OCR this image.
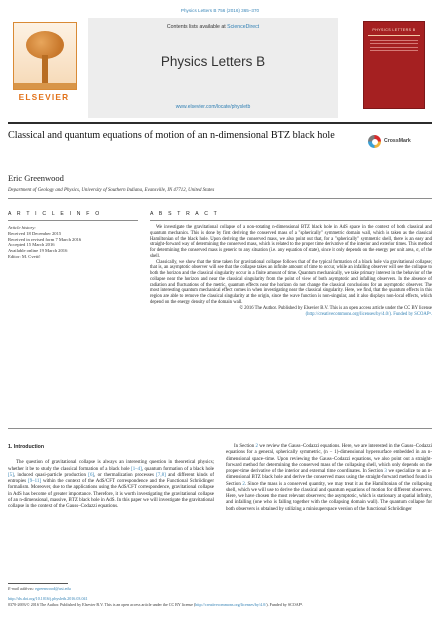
Physics Letters B 756 (2016) 365–370
ELSEVIER
Contents lists available at ScienceDirect
Physics Letters B
www.elsevier.com/locate/physletb
PHYSICS LETTERS B
Classical and quantum equations of motion of an n-dimensional BTZ black hole	CrossMark
Eric Greenwood
Department of Geology and Physics, University of Southern Indiana, Evansville, IN 47712, United States
A R T I C L E I N F O	A B S T R A C T
Article history:
Received 18 December 2015
Received in revised form 7 March 2016
Accepted 15 March 2016
Available online 19 March 2016
Editor: M. Cvetič

We investigate the gravitational collapse of a non-rotating n-dimensional BTZ black hole in AdS space in the context of both classical and quantum mechanics. This is done by first deriving the conserved mass of a "spherically" symmetric domain wall, which is taken as the classical Hamiltonian of the black hole. Upon deriving the conserved mass, we also point out that, for a "spherically" symmetric shell, there is an easy and straight-forward way of determining the conserved mass, which is related to the proper time derivative of the interior and exterior times. This method for determining the conserved mass is generic to any situation (i.e. any equation of state), since it only depends on the energy per unit area, σ, of the shell.

Classically, we show that the time taken for gravitational collapse follows that of the typical formation of a black hole via gravitational collapse; that is, an asymptotic observer will see that the collapse takes an infinite amount of time to occur, while an infalling observer will see the collapse to both the horizon and the classical singularity occur in a finite amount of time. Quantum mechanically, we take primary interest in the behavior of the collapse near the horizon and near the classical singularity from the point of view of both asymptotic and infalling observers. In the absence of radiation and fluctuations of the metric, quantum effects near the horizon do not change the classical conclusions for an asymptotic observer. The most interesting quantum mechanical effect comes in when investigating near the classical singularity. Here, we find, that the quantum effects in this region are able to remove the classical singularity at the origin, since the wave function is non-singular, and it also displays non-local effects, which depend on the energy density of the domain wall.

© 2016 The Author. Published by Elsevier B.V. This is an open access article under the CC BY license
(http://creativecommons.org/licenses/by/4.0/). Funded by SCOAP³.

1. Introduction

The question of gravitational collapse is always an interesting question in theoretical physics; whether it be to study the classical formation of a black hole [1–4], quantum formation of a black hole [5], induced quasi-particle production [6], or thermalization processes [7,8] and different kinds of entropies [9–11] within the context of the AdS/CFT correspondence and the Functional Schrödinger formalism. Moreover, due to the applications using the AdS/CFT correspondence, gravitational collapse in AdS has become of greater importance. Therefore, it is worth investigating the gravitational collapse of an n-dimensional, massive, BTZ black hole in AdS. In this paper we will investigate the gravitational collapse in the context of the Gauss–Codazzi equations.

In Section 2 we review the Gauss–Codazzi equations. Here, we are interested in the Gauss–Codazzi equations for a general, spherically symmetric, (n − 1)-dimensional hypersurface embedded in an n-dimensional space–time. Upon reviewing the Gauss–Codazzi equations, we also point out a straight-forward method for determining the conserved mass of the collapsing shell, which only depends on the proper-time derivative of the interior and external time coordinates. In Section 3 we specialize to an n-dimensional BTZ black hole and derive the conserved mass using the straight-forward method found in Section 2. Since the mass is a conserved quantity, we may treat it as the Hamiltonian of the collapsing shell, which we will use to derive the classical and quantum equations of motion for different observers. Here, we have chosen the most relevant observers; the asymptotic, which is stationary at spatial infinity, and infalling (one who is falling together with the collapsing domain wall). The quantum collapse for both observers is obtained by utilizing a minisuperspace version of the functional Schrödinger

E-mail address: egreenwood@usi.edu
http://dx.doi.org/10.1016/j.physletb.2016.03.041
0370-2693/© 2016 The Author. Published by Elsevier B.V. This is an open access article under the CC BY license (http://creativecommons.org/licenses/by/4.0/). Funded by SCOAP³.
